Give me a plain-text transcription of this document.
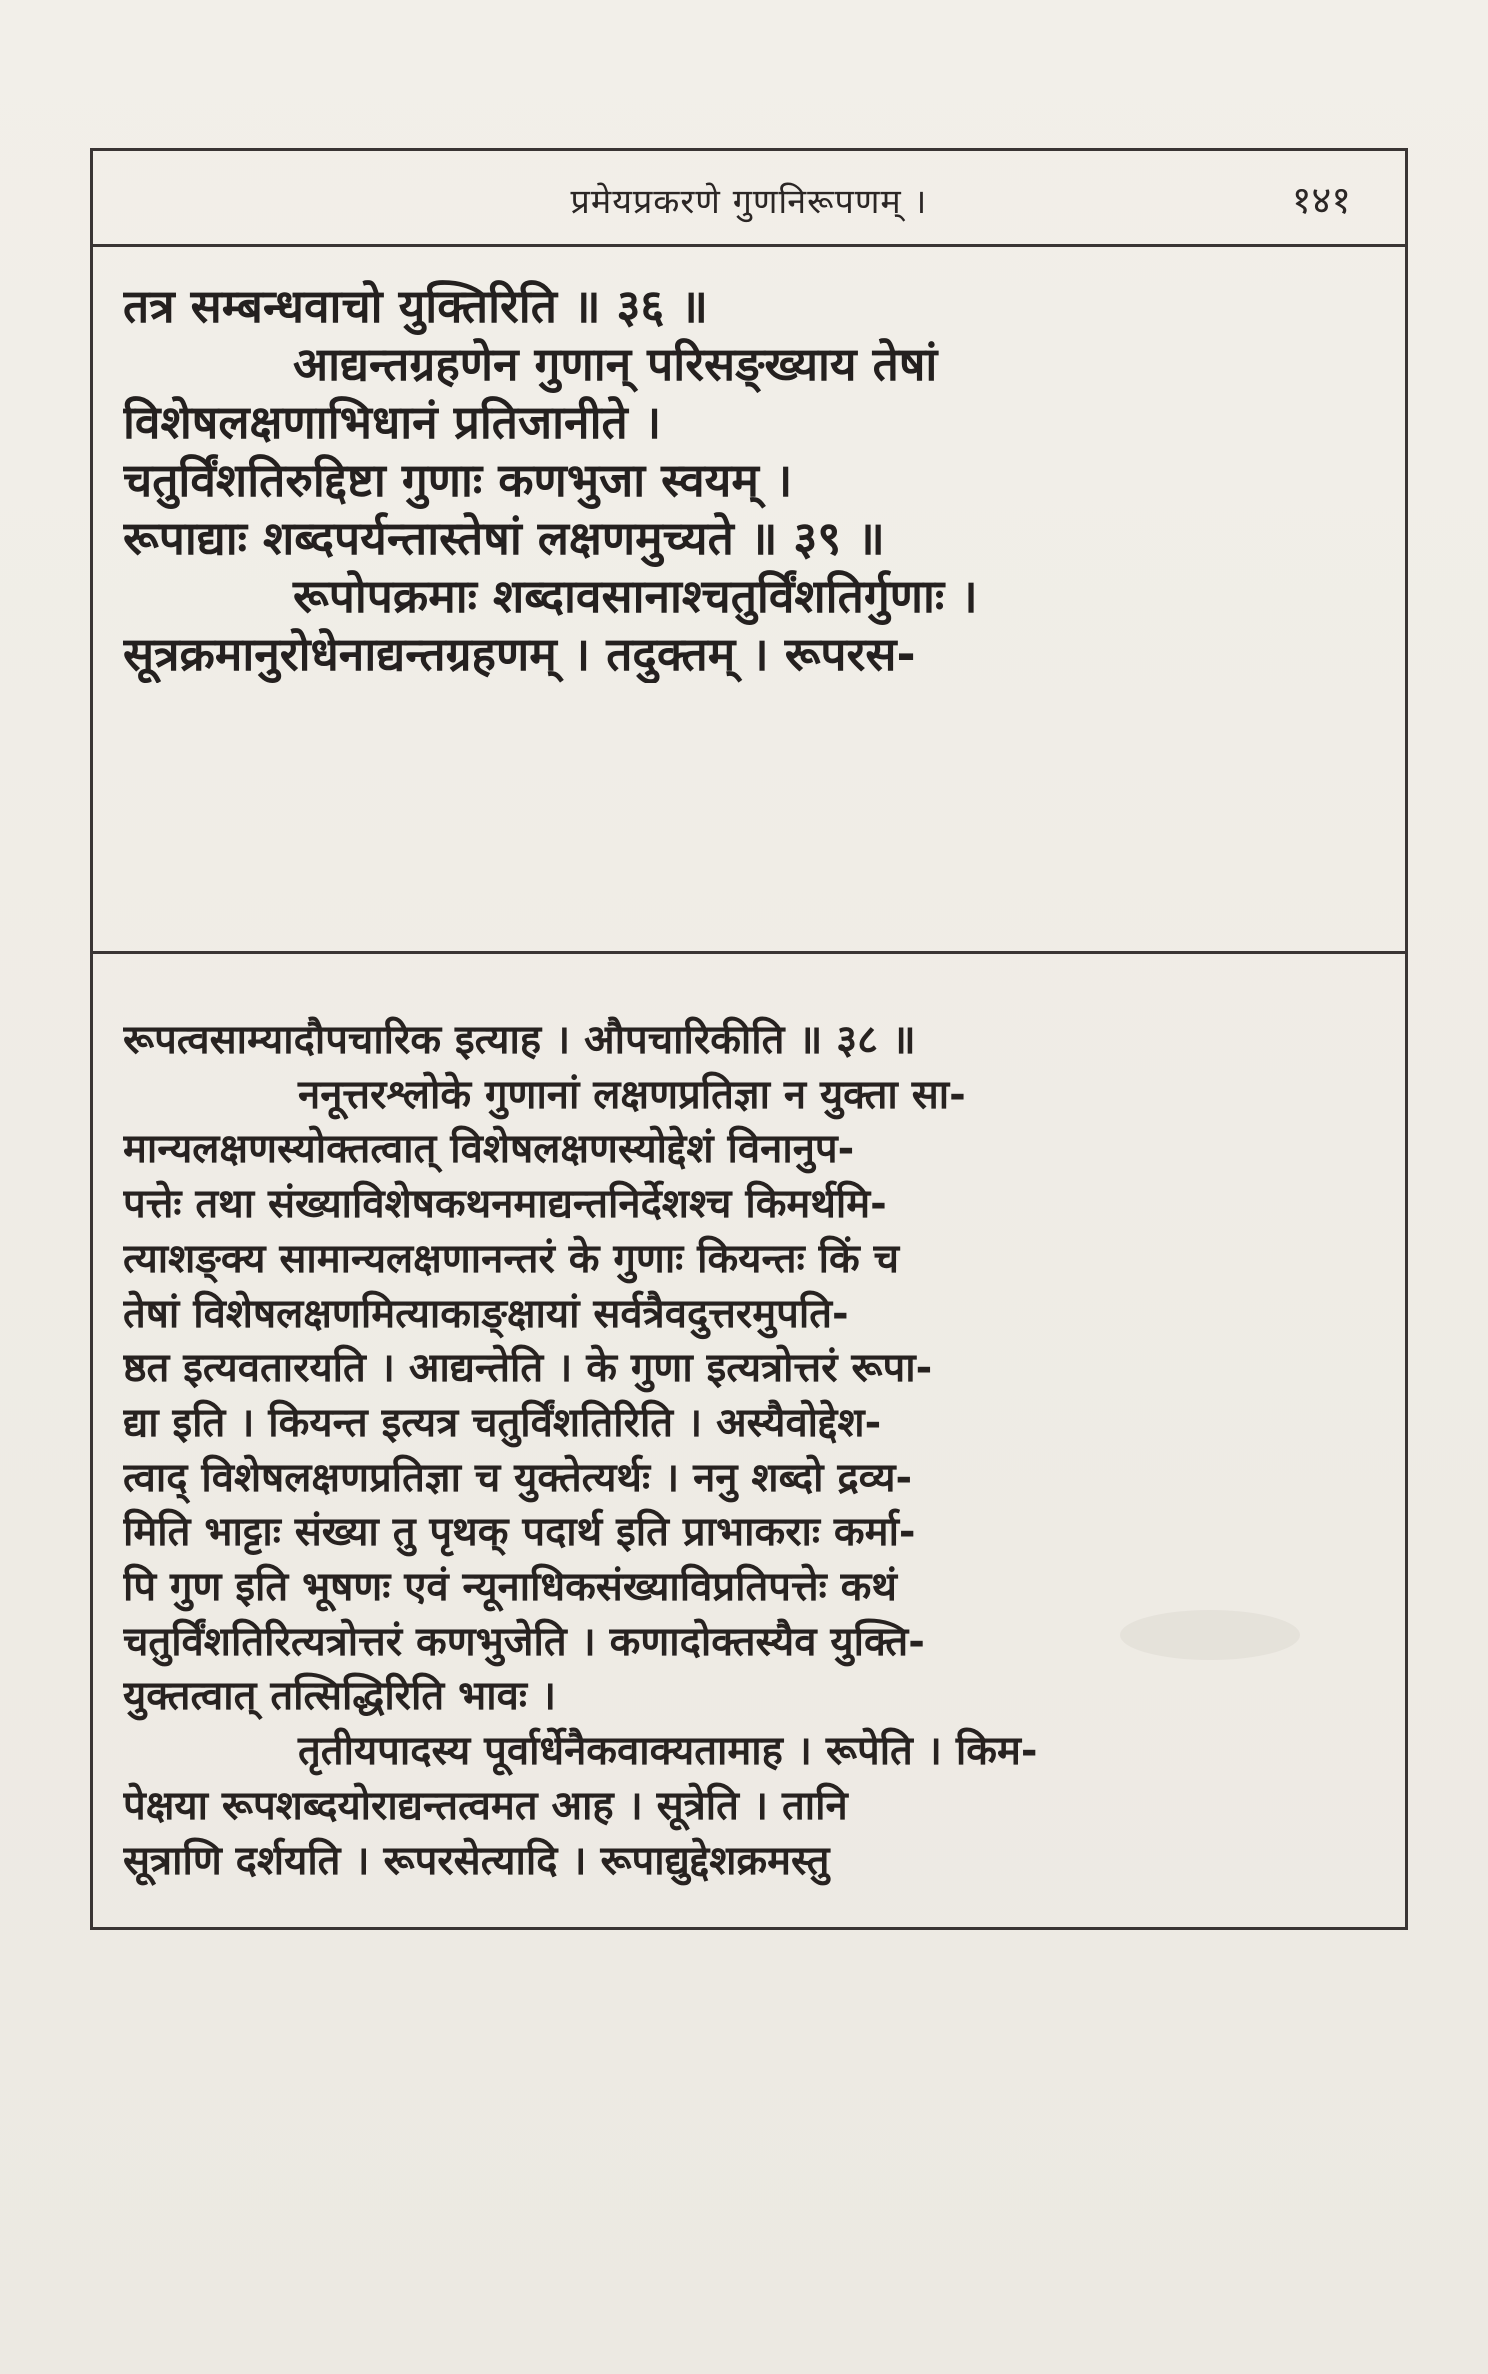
प्रमेयप्रकरणे गुणनिरूपणम् ।	१४१
तत्र सम्बन्धवाचो युक्तिरिति ॥ ३६ ॥
आद्यन्तग्रहणेन गुणान् परिसङ्ख्याय तेषां
विशेषलक्षणाभिधानं प्रतिजानीते ।
चतुर्विंशतिरुद्दिष्टा गुणाः कणभुजा स्वयम् ।
रूपाद्याः शब्दपर्यन्तास्तेषां लक्षणमुच्यते ॥ ३९ ॥
रूपोपक्रमाः शब्दावसानाश्चतुर्विंशतिर्गुणाः ।
सूत्रक्रमानुरोधेनाद्यन्तग्रहणम् । तदुक्तम् । रूपरस-
रूपत्वसाम्यादौपचारिक इत्याह । औपचारिकीति ॥ ३८ ॥
ननूत्तरश्लोके गुणानां लक्षणप्रतिज्ञा न युक्ता सा-
मान्यलक्षणस्योक्तत्वात् विशेषलक्षणस्योद्देशं विनानुप-
पत्तेः तथा संख्याविशेषकथनमाद्यन्तनिर्देशश्च किमर्थमि-
त्याशङ्क्य सामान्यलक्षणानन्तरं के गुणाः कियन्तः किं च
तेषां विशेषलक्षणमित्याकाङ्क्षायां सर्वत्रैवदुत्तरमुपति-
ष्ठत इत्यवतारयति । आद्यन्तेति । के गुणा इत्यत्रोत्तरं रूपा-
द्या इति । कियन्त इत्यत्र चतुर्विंशतिरिति । अस्यैवोद्देश-
त्वाद् विशेषलक्षणप्रतिज्ञा च युक्तेत्यर्थः । ननु शब्दो द्रव्य-
मिति भाट्टाः संख्या तु पृथक् पदार्थ इति प्राभाकराः कर्मा-
पि गुण इति भूषणः एवं न्यूनाधिकसंख्याविप्रतिपत्तेः कथं
चतुर्विंशतिरित्यत्रोत्तरं कणभुजेति । कणादोक्तस्यैव युक्ति-
युक्तत्वात् तत्सिद्धिरिति भावः ।
तृतीयपादस्य पूर्वार्धेनैकवाक्यतामाह । रूपेति । किम-
पेक्षया रूपशब्दयोराद्यन्तत्वमत आह । सूत्रेति । तानि
सूत्राणि दर्शयति । रूपरसेत्यादि । रूपाद्युद्देशक्रमस्तु
